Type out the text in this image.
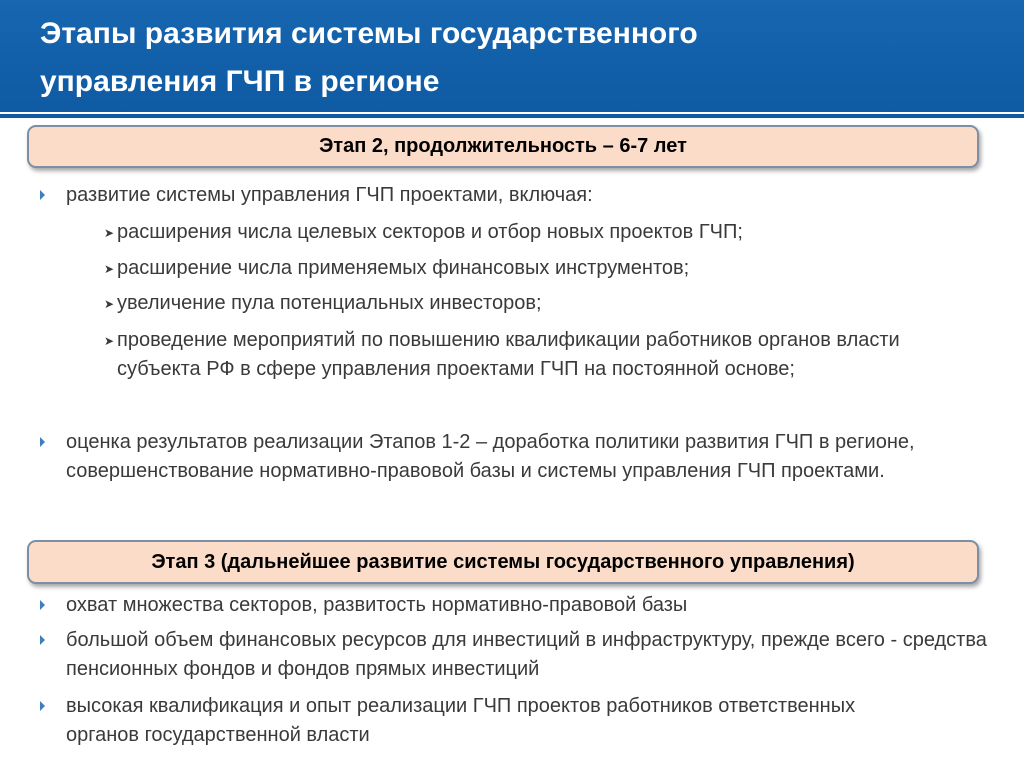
Этапы развития системы государственного
управления ГЧП в регионе
Этап 2, продолжительность – 6-7 лет
развитие системы управления ГЧП проектами, включая:
➤ расширения числа целевых секторов и отбор новых проектов ГЧП;
➤ расширение числа применяемых финансовых инструментов;
➤ увеличение пула потенциальных инвесторов;
➤ проведение мероприятий по повышению квалификации работников органов власти субъекта РФ в сфере управления проектами ГЧП на постоянной основе;
оценка результатов реализации Этапов 1-2 – доработка политики развития ГЧП в регионе, совершенствование нормативно-правовой базы и системы управления ГЧП проектами.
Этап 3 (дальнейшее развитие системы государственного управления)
охват множества секторов, развитость нормативно-правовой базы
большой объем финансовых ресурсов для инвестиций в инфраструктуру, прежде всего - средства пенсионных фондов и фондов прямых инвестиций
высокая квалификация и опыт реализации ГЧП проектов работников ответственных органов государственной власти
